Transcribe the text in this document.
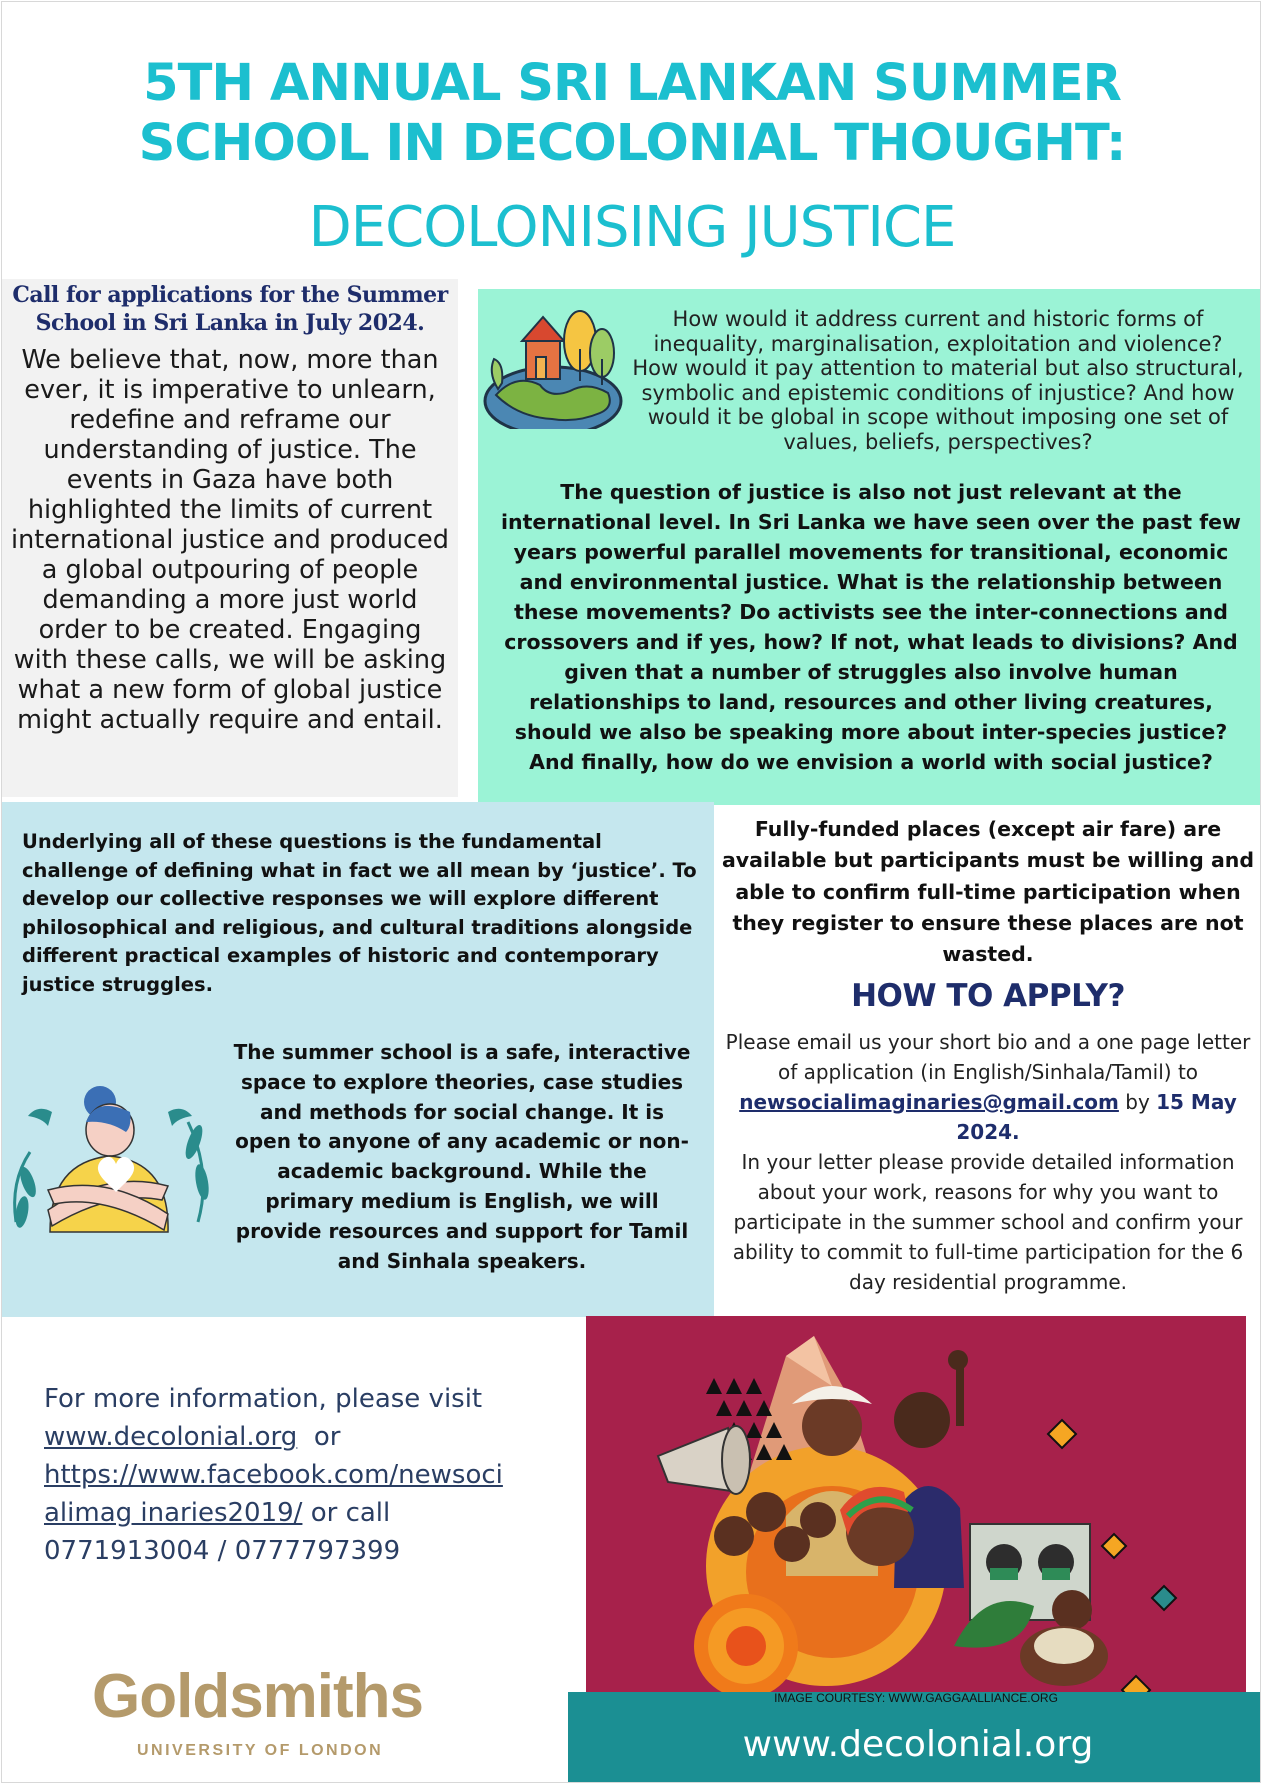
5TH ANNUAL SRI LANKAN SUMMER
SCHOOL IN DECOLONIAL THOUGHT:
DECOLONISING JUSTICE
Call for applications for the Summer School in Sri Lanka in July 2024.
We believe that, now, more than ever, it is imperative to unlearn, redefine and reframe our understanding of justice. The events in Gaza have both highlighted the limits of current international justice and produced a global outpouring of people demanding a more just world order to be created. Engaging with these calls, we will be asking what a new form of global justice might actually require and entail.
How would it address current and historic forms of inequality, marginalisation, exploitation and violence? How would it pay attention to material but also structural, symbolic and epistemic conditions of injustice? And how would it be global in scope without imposing one set of values, beliefs, perspectives?
The question of justice is also not just relevant at the international level. In Sri Lanka we have seen over the past few years powerful parallel movements for transitional, economic and environmental justice. What is the relationship between these movements? Do activists see the inter-connections and crossovers and if yes, how? If not, what leads to divisions? And given that a number of struggles also involve human relationships to land, resources and other living creatures, should we also be speaking more about inter-species justice? And finally, how do we envision a world with social justice?
Underlying all of these questions is the fundamental challenge of defining what in fact we all mean by ‘justice’. To develop our collective responses we will explore different philosophical and religious, and cultural traditions alongside different practical examples of historic and contemporary justice struggles.
The summer school is a safe, interactive space to explore theories, case studies and methods for social change. It is open to anyone of any academic or non-academic background. While the primary medium is English, we will provide resources and support for Tamil and Sinhala speakers.
Fully-funded places (except air fare) are available but participants must be willing and able to confirm full-time participation when they register to ensure these places are not wasted.
HOW TO APPLY?
Please email us your short bio and a one page letter of application (in English/Sinhala/Tamil) to
newsocialimaginaries@gmail.com by 15 May 2024.
In your letter please provide detailed information about your work, reasons for why you want to participate in the summer school and confirm your ability to commit to full-time participation for the 6 day residential programme.
For more information, please visit
www.decolonial.org or
https://www.facebook.com/newsoci
alimag inaries2019/ or call
0771913004 / 0777797399
Goldsmiths
UNIVERSITY OF LONDON
IMAGE COURTESY: WWW.GAGGAALLIANCE.ORG
www.decolonial.org
